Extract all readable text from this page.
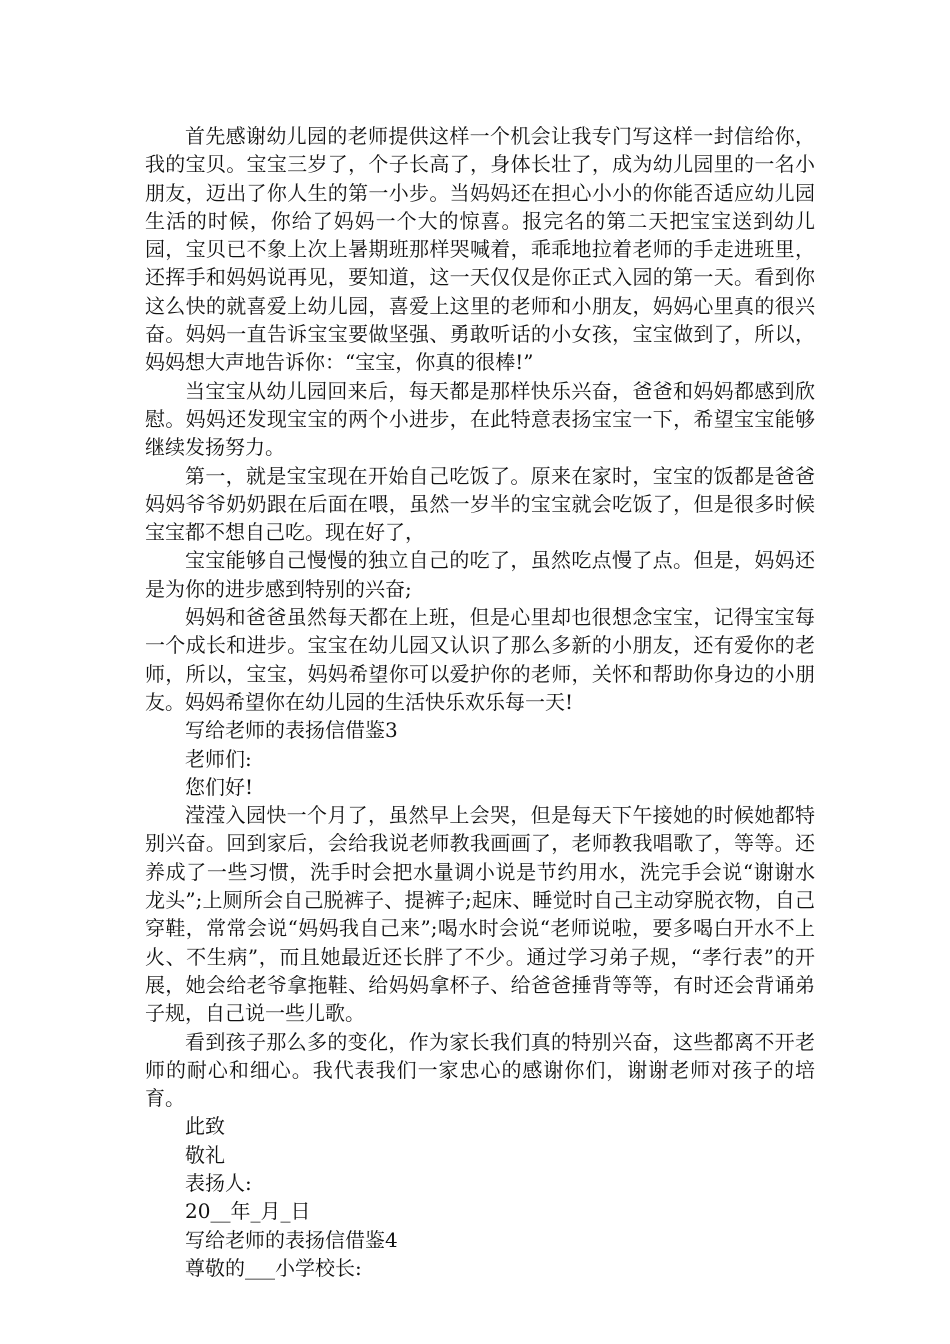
首先感谢幼儿园的老师提供这样一个机会让我专门写这样一封信给你，我的宝贝。宝宝三岁了，个子长高了，身体长壮了，成为幼儿园里的一名小朋友，迈出了你人生的第一小步。当妈妈还在担心小小的你能否适应幼儿园生活的时候，你给了妈妈一个大的惊喜。报完名的第二天把宝宝送到幼儿园，宝贝已不象上次上暑期班那样哭喊着，乖乖地拉着老师的手走进班里，还挥手和妈妈说再见，要知道，这一天仅仅是你正式入园的第一天。看到你这么快的就喜爱上幼儿园，喜爱上这里的老师和小朋友，妈妈心里真的很兴奋。妈妈一直告诉宝宝要做坚强、勇敢听话的小女孩，宝宝做到了，所以，妈妈想大声地告诉你：“宝宝，你真的很棒!”

当宝宝从幼儿园回来后，每天都是那样快乐兴奋，爸爸和妈妈都感到欣慰。妈妈还发现宝宝的两个小进步，在此特意表扬宝宝一下，希望宝宝能够继续发扬努力。

第一，就是宝宝现在开始自己吃饭了。原来在家时，宝宝的饭都是爸爸妈妈爷爷奶奶跟在后面在喂，虽然一岁半的宝宝就会吃饭了，但是很多时候宝宝都不想自己吃。现在好了，

宝宝能够自己慢慢的独立自己的吃了，虽然吃点慢了点。但是，妈妈还是为你的进步感到特别的兴奋;

妈妈和爸爸虽然每天都在上班，但是心里却也很想念宝宝，记得宝宝每一个成长和进步。宝宝在幼儿园又认识了那么多新的小朋友，还有爱你的老师，所以，宝宝，妈妈希望你可以爱护你的老师，关怀和帮助你身边的小朋友。妈妈希望你在幼儿园的生活快乐欢乐每一天!

写给老师的表扬信借鉴3

老师们:

您们好!

滢滢入园快一个月了，虽然早上会哭，但是每天下午接她的时候她都特别兴奋。回到家后，会给我说老师教我画画了，老师教我唱歌了，等等。还养成了一些习惯，洗手时会把水量调小说是节约用水，洗完手会说“谢谢水龙头”;上厕所会自己脱裤子、提裤子;起床、睡觉时自己主动穿脱衣物，自己穿鞋，常常会说“妈妈我自己来”;喝水时会说“老师说啦，要多喝白开水不上火、不生病”，而且她最近还长胖了不少。通过学习弟子规，“孝行表”的开展，她会给老爷拿拖鞋、给妈妈拿杯子、给爸爸捶背等等，有时还会背诵弟子规，自己说一些儿歌。

看到孩子那么多的变化，作为家长我们真的特别兴奋，这些都离不开老师的耐心和细心。我代表我们一家忠心的感谢你们，谢谢老师对孩子的培育。

此致

敬礼

表扬人:

20__年_月_日

写给老师的表扬信借鉴4

尊敬的___小学校长:
